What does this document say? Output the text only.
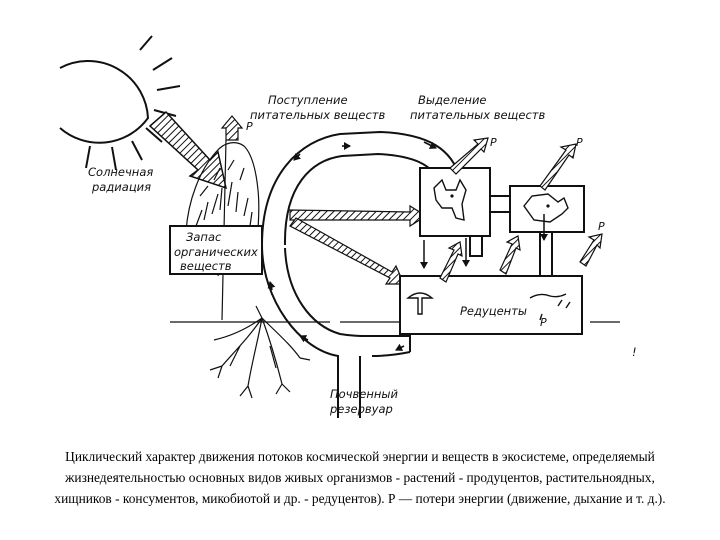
P
Запас
органических
веществ
Редуценты
P	P
P
P
Солнечная
радиация
Поступление
питательных веществ
Выделение
питательных веществ
Почвенный
резервуар
!
Циклический характер движения потоков космической энергии и веществ в экосистеме, определяемый
жизнедеятельностью основных видов живых организмов - растений - продуцентов, растительноядных,
хищников - консументов, микобиотой и др. - редуцентов). Р — потери энергии (движение, дыхание и т. д.).
